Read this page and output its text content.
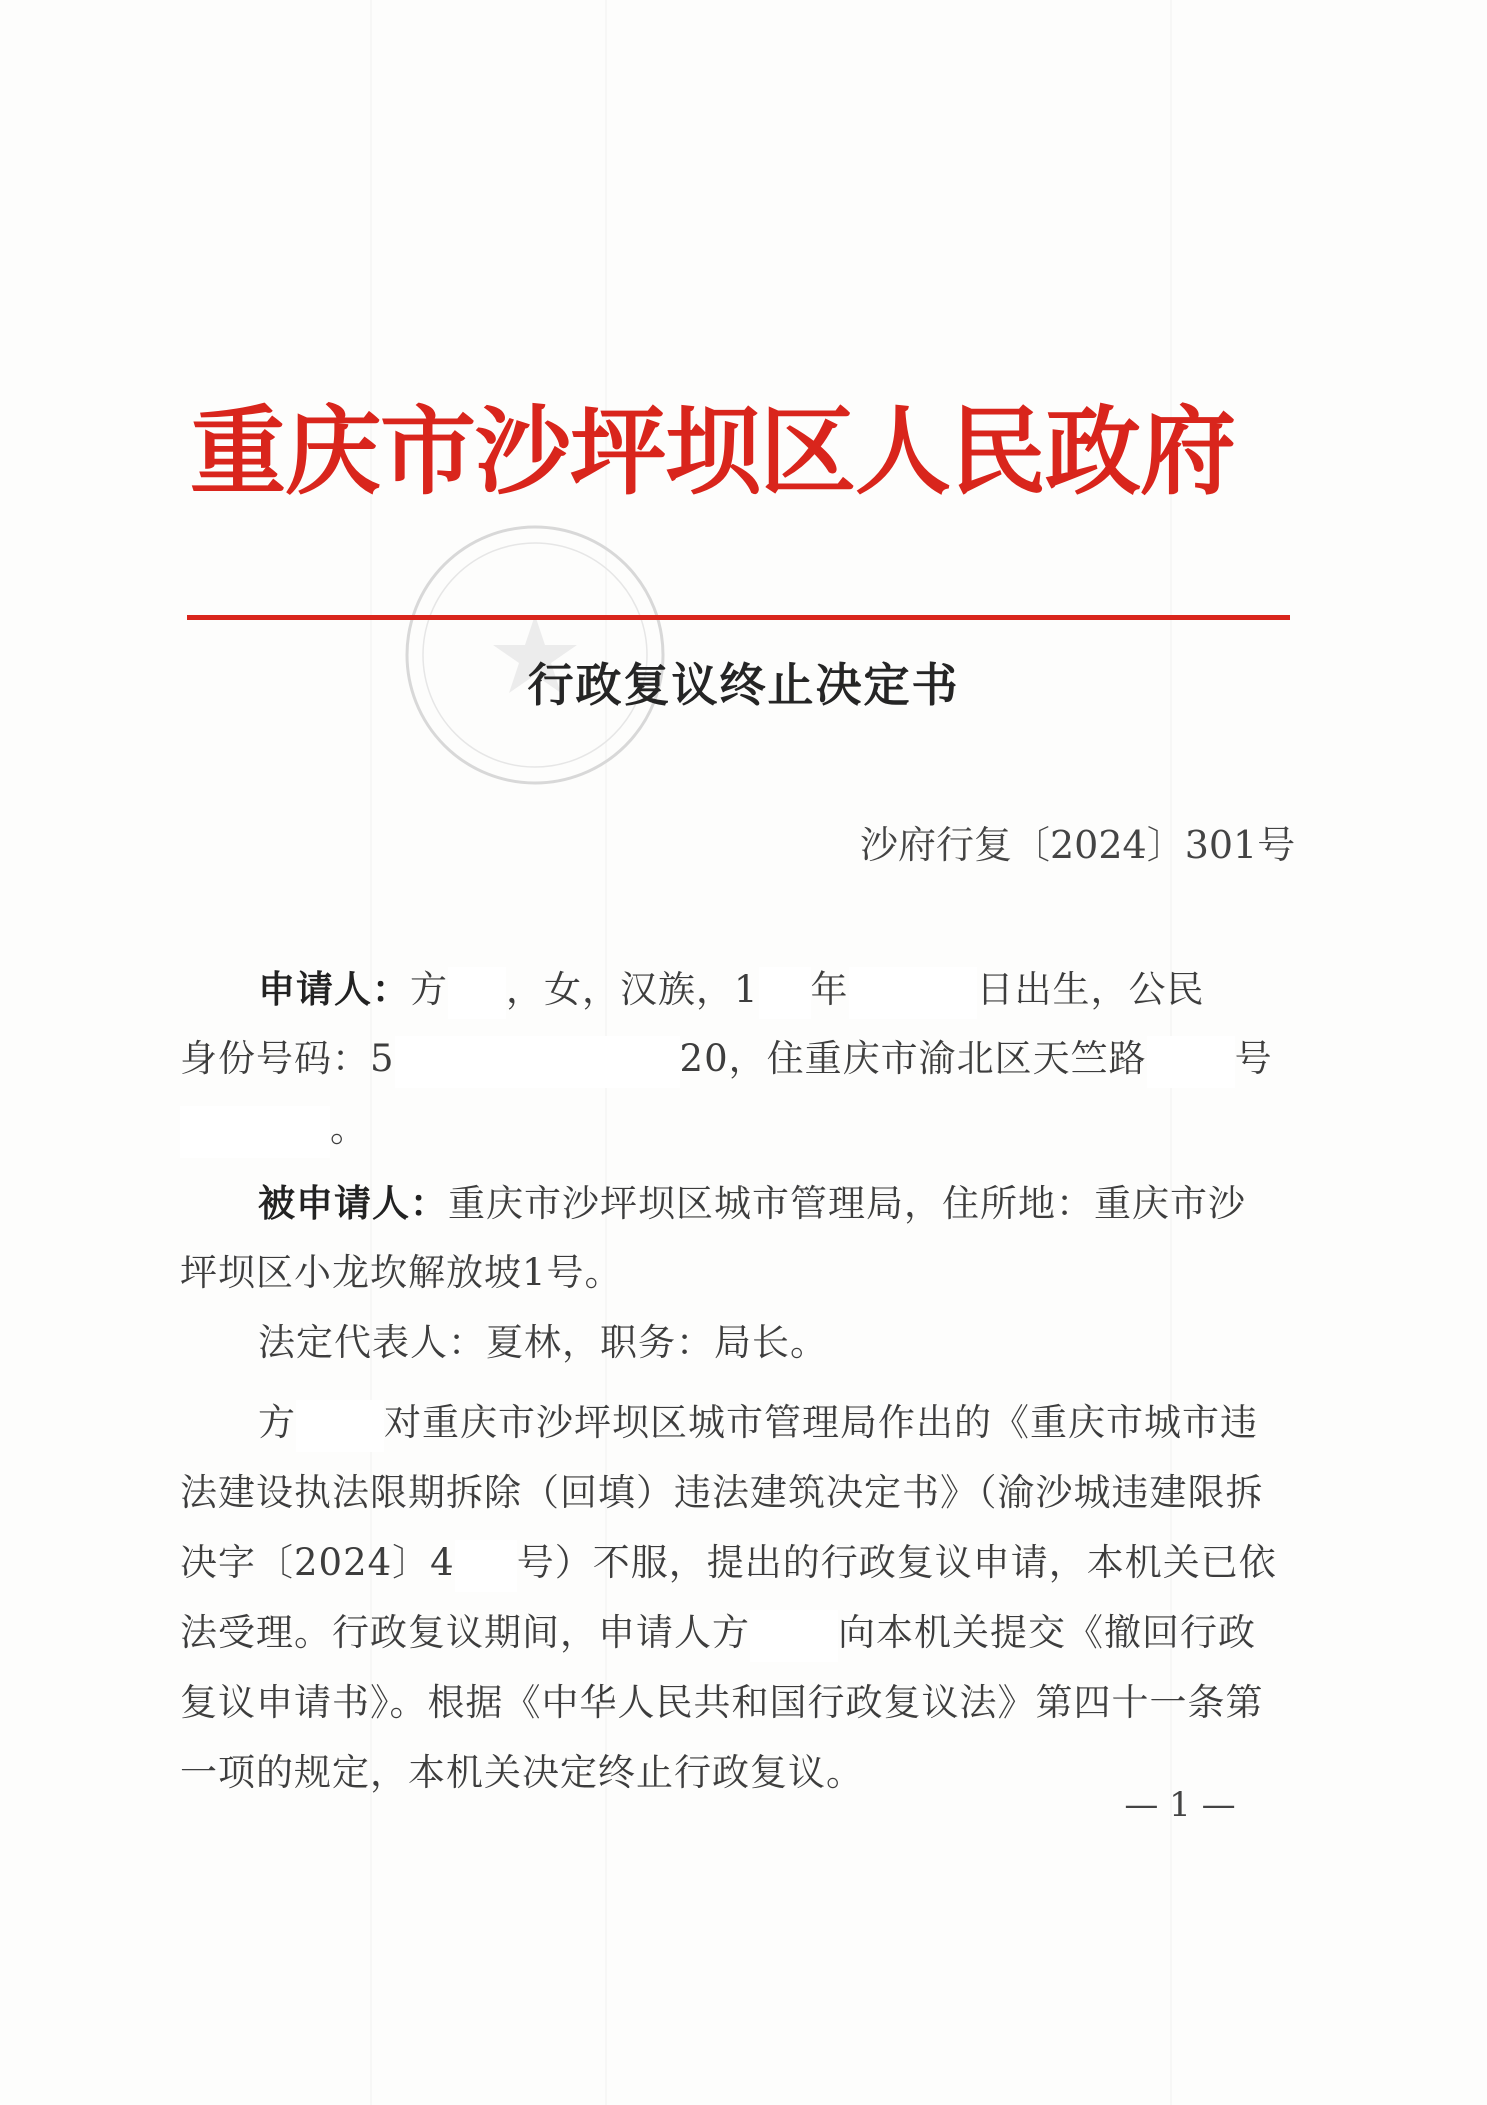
重庆市沙坪坝区人民政府
行政复议终止决定书
沙府行复〔2024〕301号
申请人：方 ，女，汉族，1 年	日出生，公民
身份号码：5	20，住重庆市渝北区天竺路 号
。
被申请人：重庆市沙坪坝区城市管理局，住所地：重庆市沙
坪坝区小龙坎解放坡1号。
法定代表人：夏林，职务：局长。
方 对重庆市沙坪坝区城市管理局作出的《重庆市城市违
法建设执法限期拆除（回填）违法建筑决定书》（渝沙城违建限拆
决字〔2024〕4 号）不服，提出的行政复议申请，本机关已依
法受理。行政复议期间，申请人方 向本机关提交《撤回行政
复议申请书》。根据《中华人民共和国行政复议法》第四十一条第
一项的规定，本机关决定终止行政复议。
— 1 —
